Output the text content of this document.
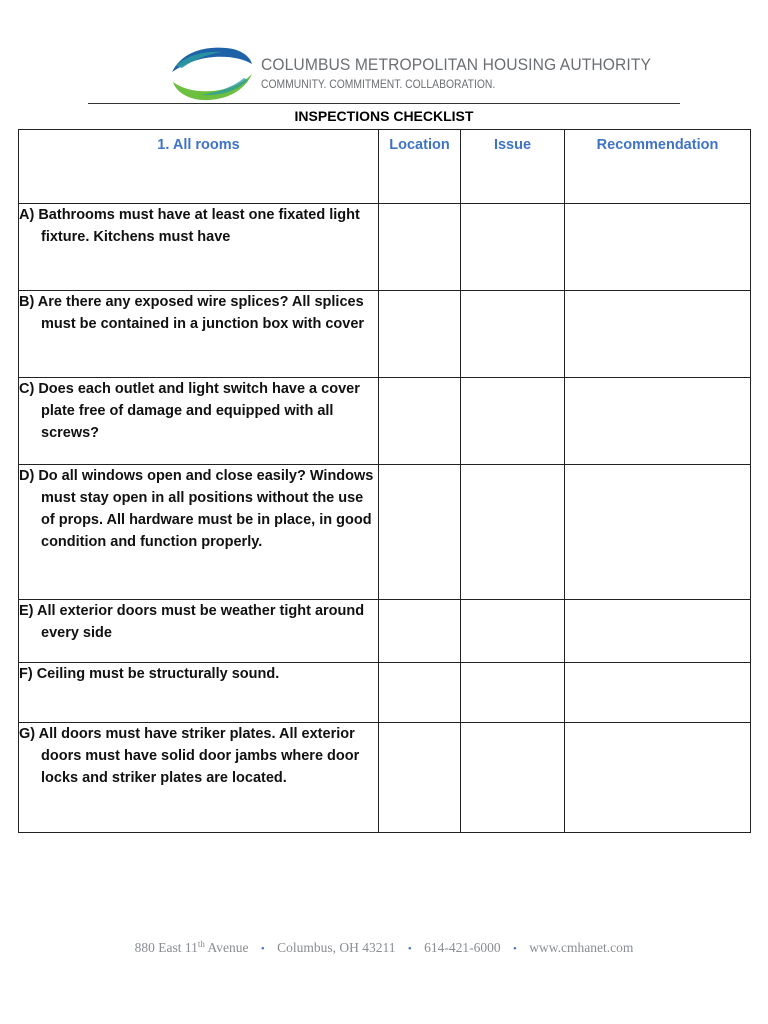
COLUMBUS METROPOLITAN HOUSING AUTHORITY
COMMUNITY. COMMITMENT. COLLABORATION.
INSPECTIONS CHECKLIST
1. All rooms	Location	Issue	Recommendation

A) Bathrooms must have at least one fixated light fixture. Kitchens must have			

B) Are there any exposed wire splices? All splices must be contained in a junction box with cover			

C) Does each outlet and light switch have a cover plate free of damage and equipped with all screws?			

D) Do all windows open and close easily? Windows must stay open in all positions without the use of props. All hardware must be in place, in good condition and function properly.			

E) All exterior doors must be weather tight around every side			

F) Ceiling must be structurally sound.			

G) All doors must have striker plates. All exterior doors must have solid door jambs where door locks and striker plates are located.			

880 East 11th Avenue • Columbus, OH 43211 • 614-421-6000 • www.cmhanet.com
